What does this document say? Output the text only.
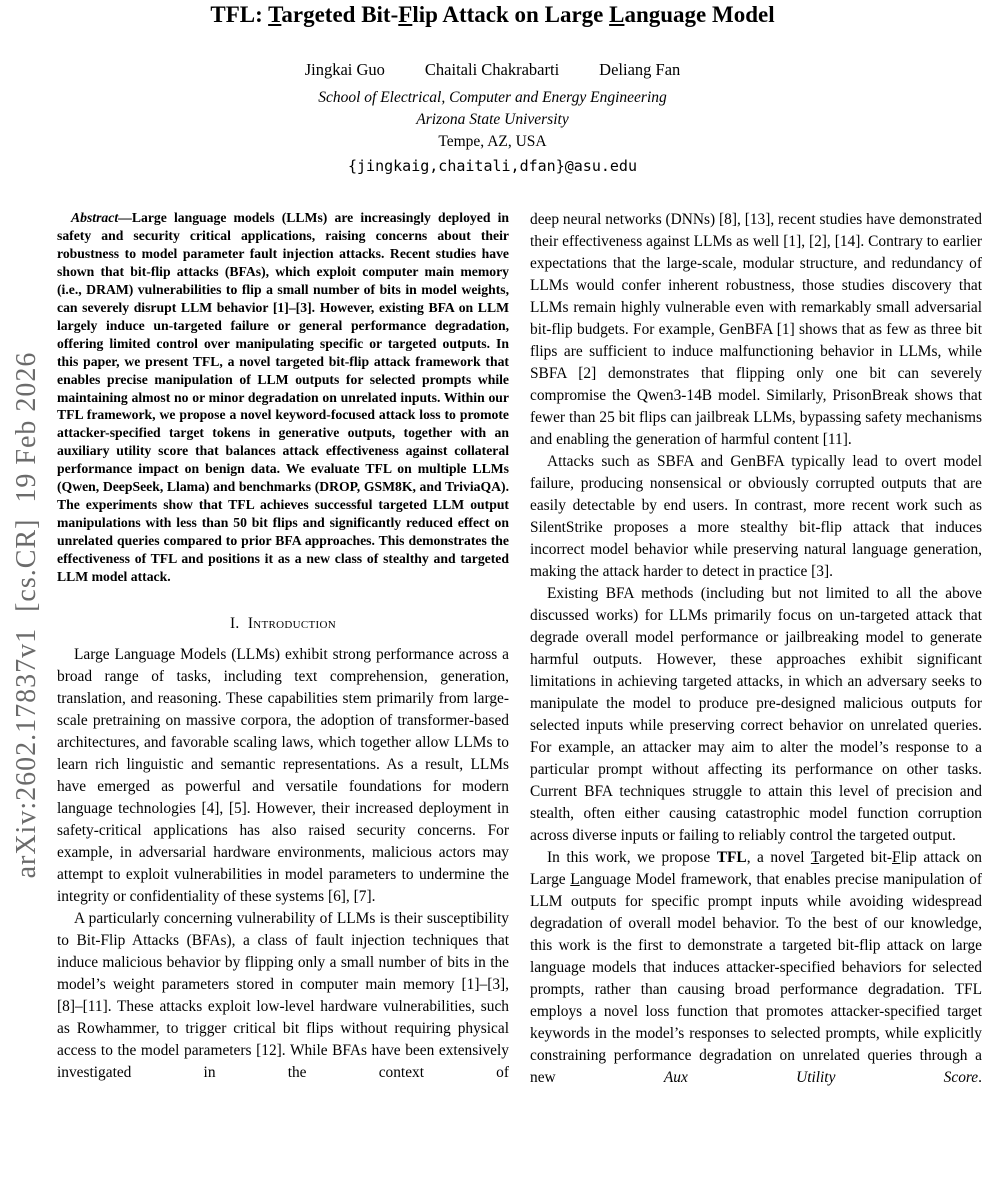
arXiv:2602.17837v1  [cs.CR]  19 Feb 2026
TFL: Targeted Bit-Flip Attack on Large Language Model
Jingkai Guo Chaitali Chakrabarti Deliang Fan
School of Electrical, Computer and Energy Engineering
Arizona State University
Tempe, AZ, USA
{jingkaig,chaitali,dfan}@asu.edu

Abstract—Large language models (LLMs) are increasingly deployed in safety and security critical applications, raising concerns about their robustness to model parameter fault injection attacks. Recent studies have shown that bit-flip attacks (BFAs), which exploit computer main memory (i.e., DRAM) vulnerabilities to flip a small number of bits in model weights, can severely disrupt LLM behavior [1]–[3]. However, existing BFA on LLM largely induce un-targeted failure or general performance degradation, offering limited control over manipulating specific or targeted outputs. In this paper, we present TFL, a novel targeted bit-flip attack framework that enables precise manipulation of LLM outputs for selected prompts while maintaining almost no or minor degradation on unrelated inputs. Within our TFL framework, we propose a novel keyword-focused attack loss to promote attacker-specified target tokens in generative outputs, together with an auxiliary utility score that balances attack effectiveness against collateral performance impact on benign data. We evaluate TFL on multiple LLMs (Qwen, DeepSeek, Llama) and benchmarks (DROP, GSM8K, and TriviaQA). The experiments show that TFL achieves successful targeted LLM output manipulations with less than 50 bit flips and significantly reduced effect on unrelated queries compared to prior BFA approaches. This demonstrates the effectiveness of TFL and positions it as a new class of stealthy and targeted LLM model attack.

I.  Introduction

Large Language Models (LLMs) exhibit strong performance across a broad range of tasks, including text comprehension, generation, translation, and reasoning. These capabilities stem primarily from large-scale pretraining on massive corpora, the adoption of transformer-based architectures, and favorable scaling laws, which together allow LLMs to learn rich linguistic and semantic representations. As a result, LLMs have emerged as powerful and versatile foundations for modern language technologies [4], [5]. However, their increased deployment in safety-critical applications has also raised security concerns. For example, in adversarial hardware environments, malicious actors may attempt to exploit vulnerabilities in model parameters to undermine the integrity or confidentiality of these systems [6], [7].

A particularly concerning vulnerability of LLMs is their susceptibility to Bit-Flip Attacks (BFAs), a class of fault injection techniques that induce malicious behavior by flipping only a small number of bits in the model’s weight parameters stored in computer main memory [1]–[3], [8]–[11]. These attacks exploit low-level hardware vulnerabilities, such as Rowhammer, to trigger critical bit flips without requiring physical access to the model parameters [12]. While BFAs have been extensively investigated in the context of

deep neural networks (DNNs) [8], [13], recent studies have demonstrated their effectiveness against LLMs as well [1], [2], [14]. Contrary to earlier expectations that the large-scale, modular structure, and redundancy of LLMs would confer inherent robustness, those studies discovery that LLMs remain highly vulnerable even with remarkably small adversarial bit-flip budgets. For example, GenBFA [1] shows that as few as three bit flips are sufficient to induce malfunctioning behavior in LLMs, while SBFA [2] demonstrates that flipping only one bit can severely compromise the Qwen3-14B model. Similarly, PrisonBreak shows that fewer than 25 bit flips can jailbreak LLMs, bypassing safety mechanisms and enabling the generation of harmful content [11].

Attacks such as SBFA and GenBFA typically lead to overt model failure, producing nonsensical or obviously corrupted outputs that are easily detectable by end users. In contrast, more recent work such as SilentStrike proposes a more stealthy bit-flip attack that induces incorrect model behavior while preserving natural language generation, making the attack harder to detect in practice [3].

Existing BFA methods (including but not limited to all the above discussed works) for LLMs primarily focus on un-targeted attack that degrade overall model performance or jailbreaking model to generate harmful outputs. However, these approaches exhibit significant limitations in achieving targeted attacks, in which an adversary seeks to manipulate the model to produce pre-designed malicious outputs for selected inputs while preserving correct behavior on unrelated queries. For example, an attacker may aim to alter the model’s response to a particular prompt without affecting its performance on other tasks. Current BFA techniques struggle to attain this level of precision and stealth, often either causing catastrophic model function corruption across diverse inputs or failing to reliably control the targeted output.

In this work, we propose TFL, a novel Targeted bit-Flip attack on Large Language Model framework, that enables precise manipulation of LLM outputs for specific prompt inputs while avoiding widespread degradation of overall model behavior. To the best of our knowledge, this work is the first to demonstrate a targeted bit-flip attack on large language models that induces attacker-specified behaviors for selected prompts, rather than causing broad performance degradation. TFL employs a novel loss function that promotes attacker-specified target keywords in the model’s responses to selected prompts, while explicitly constraining performance degradation on unrelated queries through a new Aux Utility Score.
